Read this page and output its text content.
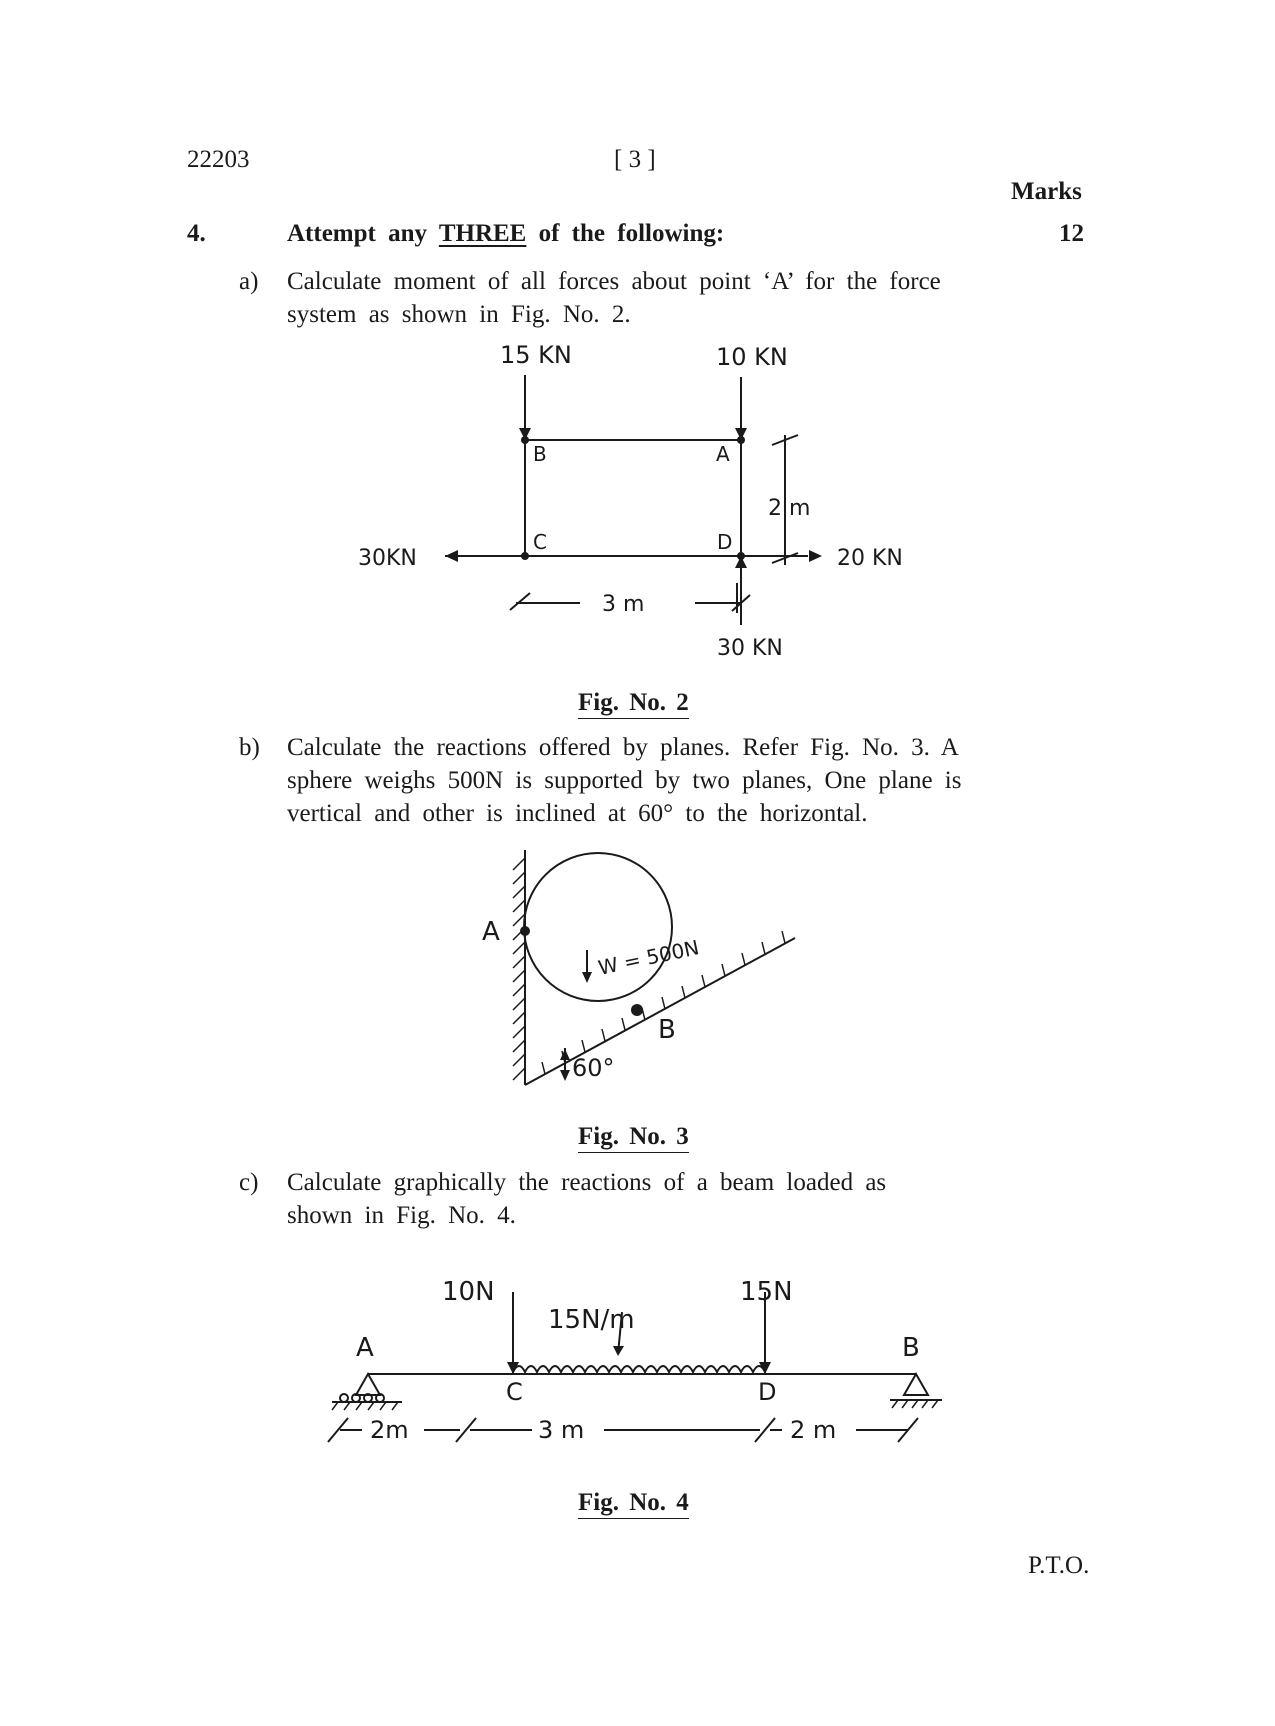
22203	[ 3 ]
Marks
4.	Attempt any THREE of the following:	12
a) Calculate moment of all forces about point ‘A’ for the force
system as shown in Fig. No. 2.
15 KN	10 KN
B	A
C	D
2 m
30KN	20 KN
3 m
30 KN
Fig. No. 2
b) Calculate the reactions offered by planes. Refer Fig. No. 3. A
sphere weighs 500N is supported by two planes, One plane is
vertical and other is inclined at 60° to the horizontal.
A
W = 500N
B
60°
Fig. No. 3
c) Calculate graphically the reactions of a beam loaded as
shown in Fig. No. 4.
10N
15N/m
15N
A	B
C	D
2m	3 m	2 m
Fig. No. 4
P.T.O.
